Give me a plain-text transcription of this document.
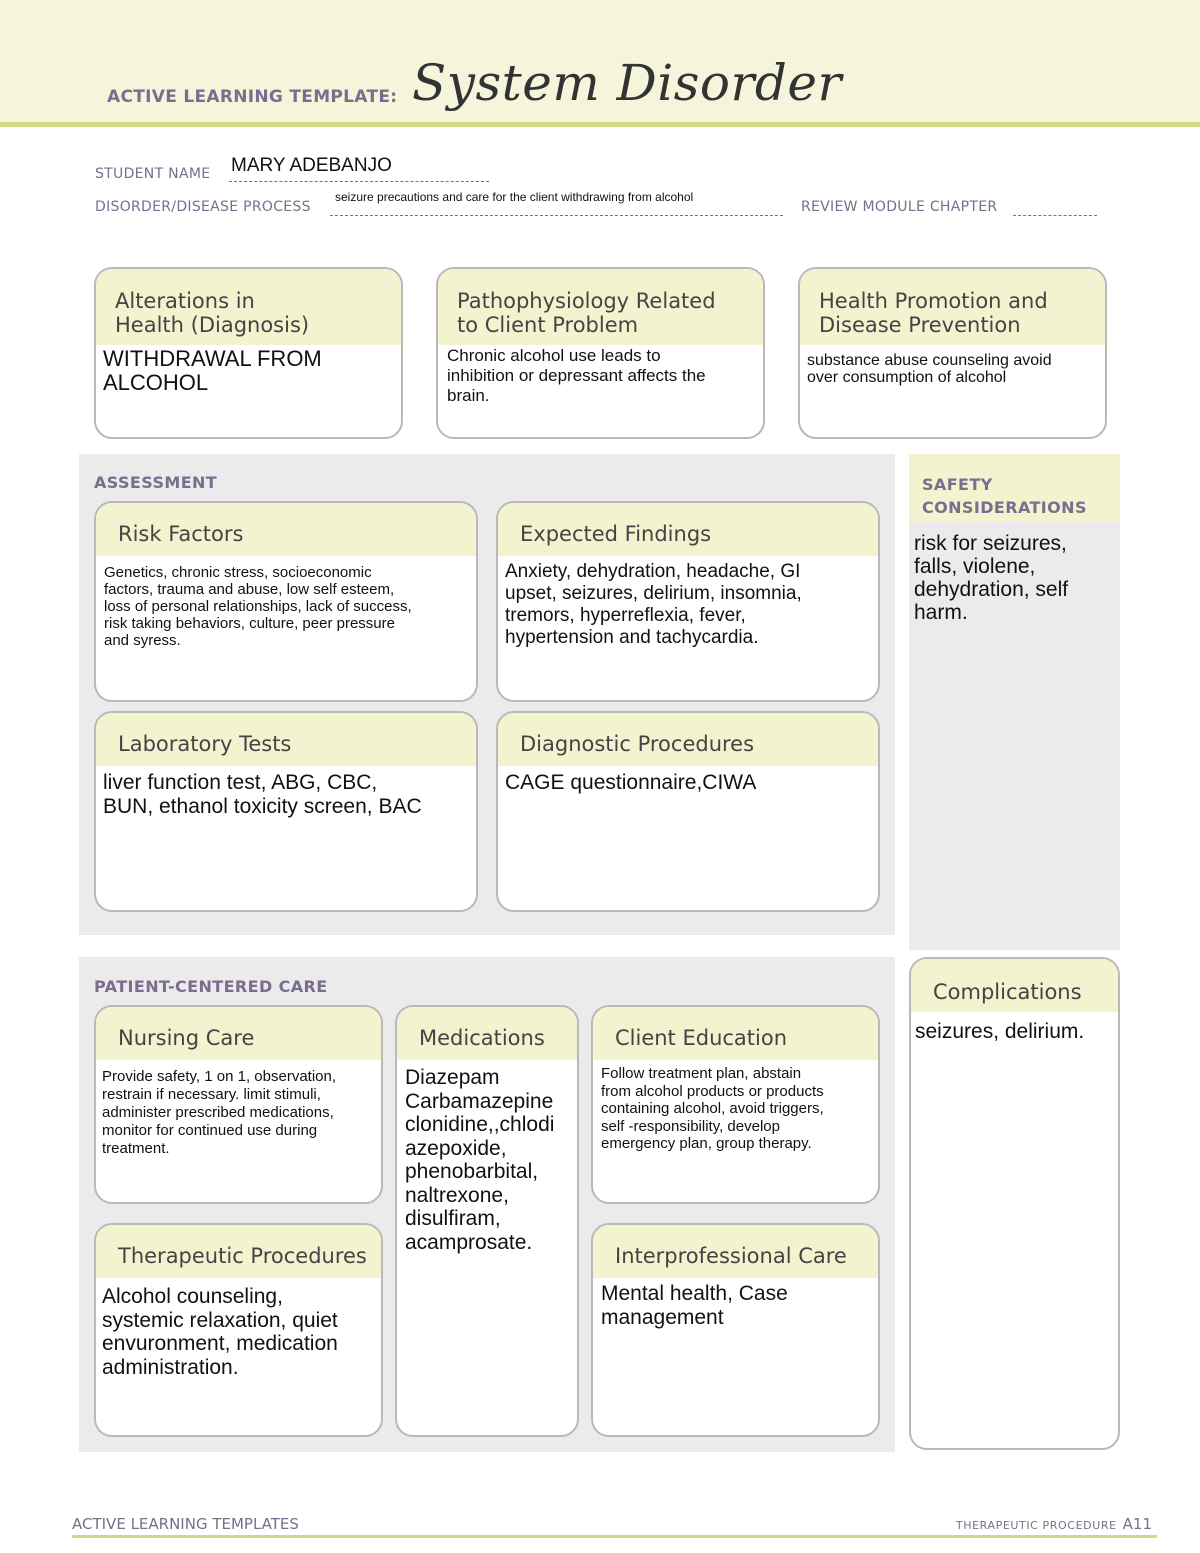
ACTIVE LEARNING TEMPLATE: System Disorder
STUDENT NAME MARY ADEBANJO
DISORDER/DISEASE PROCESS
seizure precautions and care for the client withdrawing from alcohol
REVIEW MODULE CHAPTER
Alterations in
Health (Diagnosis)
WITHDRAWAL FROM
ALCOHOL
Pathophysiology Related
to Client Problem
Chronic alcohol use leads to
inhibition or depressant affects the
brain.
Health Promotion and
Disease Prevention
substance abuse counseling avoid
over consumption of alcohol
ASSESSMENT
Risk Factors
Genetics, chronic stress, socioeconomic
factors, trauma and abuse, low self esteem,
loss of personal relationships, lack of success,
risk taking behaviors, culture, peer pressure
and syress.
Expected Findings
Anxiety, dehydration, headache, GI
upset, seizures, delirium, insomnia,
tremors, hyperreflexia, fever,
hypertension and tachycardia.
Laboratory Tests
liver function test, ABG, CBC,
BUN, ethanol toxicity screen, BAC
Diagnostic Procedures
CAGE questionnaire,CIWA
SAFETY
CONSIDERATIONS
risk for seizures,
falls, violene,
dehydration, self
harm.
PATIENT-CENTERED CARE
Nursing Care
Provide safety, 1 on 1, observation,
restrain if necessary. limit stimuli,
administer prescribed medications,
monitor for continued use during
treatment.
Medications
Diazepam
Carbamazepine
clonidine,,chlodi
azepoxide,
phenobarbital,
naltrexone,
disulfiram,
acamprosate.
Client Education
Follow treatment plan, abstain
from alcohol products or products
containing alcohol, avoid triggers,
self -responsibility, develop
emergency plan, group therapy.
Therapeutic Procedures
Alcohol counseling,
systemic relaxation, quiet
envuronment, medication
administration.
Interprofessional Care
Mental health, Case
management
Complications
seizures, delirium.
ACTIVE LEARNING TEMPLATES	THERAPEUTIC PROCEDURE A11
